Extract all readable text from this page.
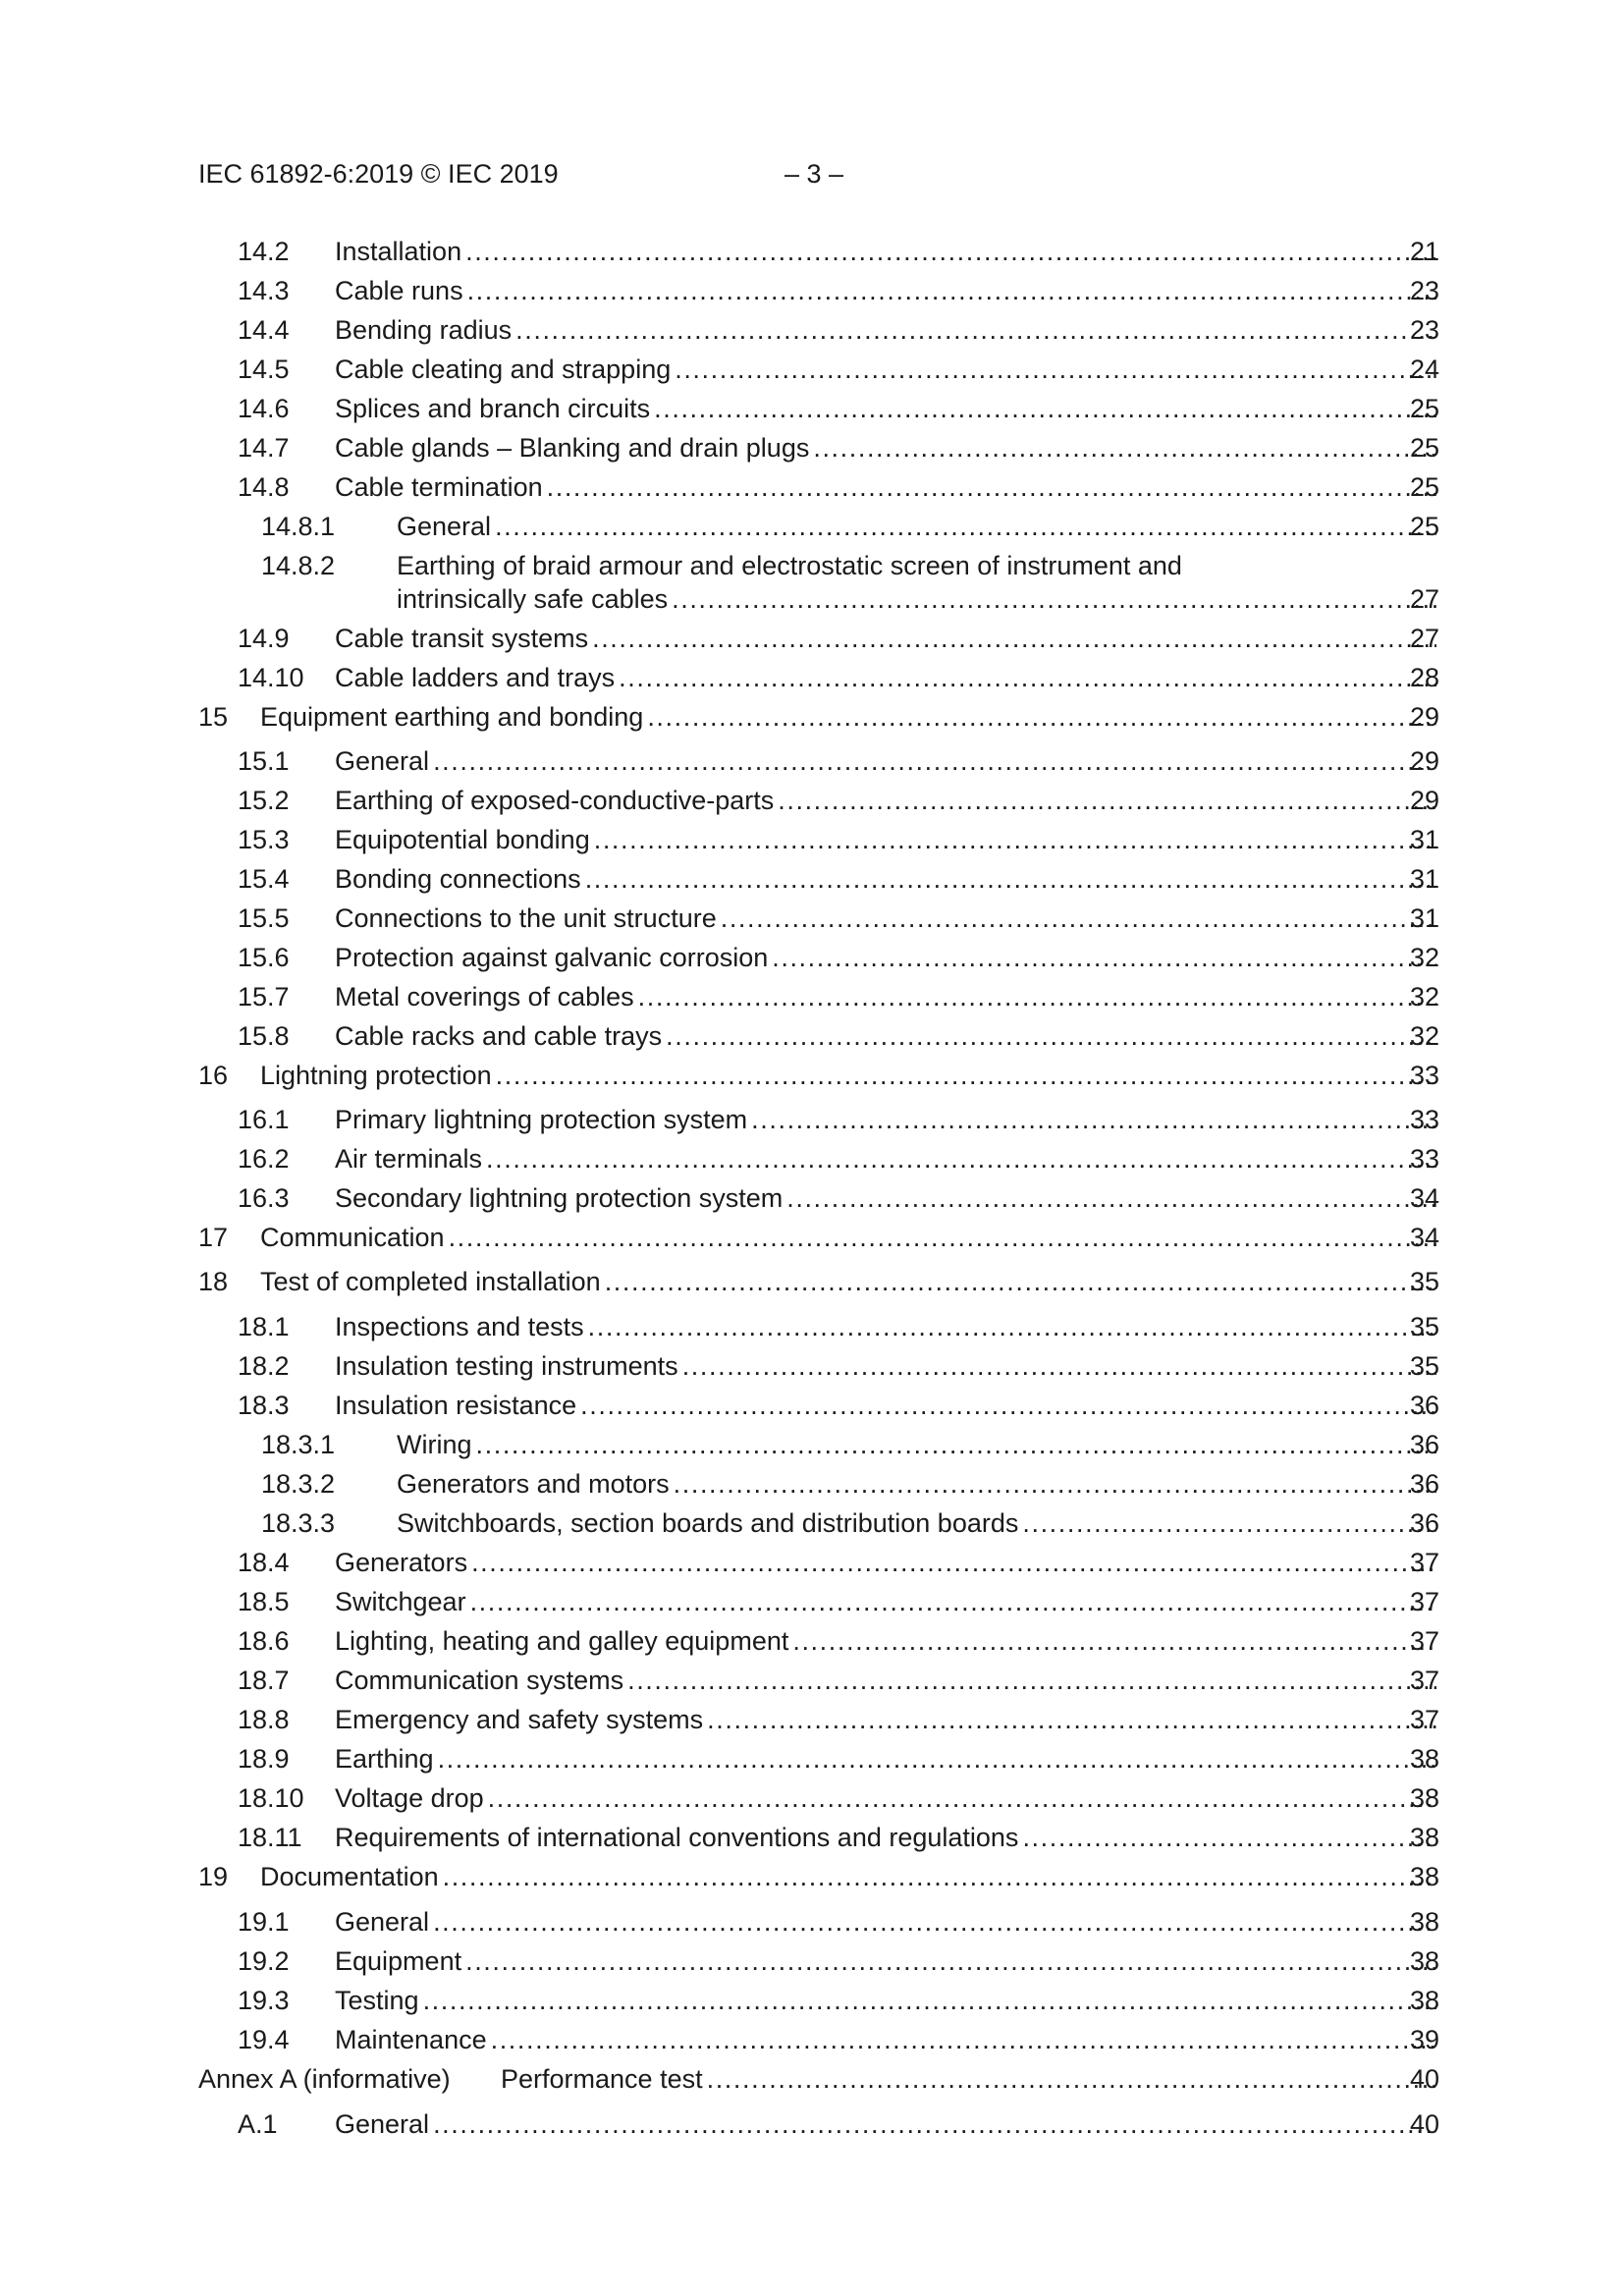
IEC 61892-6:2019 © IEC 2019	– 3 –
14.2 Installation .....	21
14.3 Cable runs .....	23
14.4 Bending radius .....	23
14.5 Cable cleating and strapping .....	24
14.6 Splices and branch circuits .....	25
14.7 Cable glands – Blanking and drain plugs .....	25
14.8 Cable termination .....	25
14.8.1 General .....	25
14.8.2 Earthing of braid armour and electrostatic screen of instrument and
intrinsically safe cables .....	27
14.9 Cable transit systems .....	27
14.10 Cable ladders and trays .....	28
15 Equipment earthing and bonding .....	29
15.1 General .....	29
15.2 Earthing of exposed-conductive-parts .....	29
15.3 Equipotential bonding .....	31
15.4 Bonding connections .....	31
15.5 Connections to the unit structure .....	31
15.6 Protection against galvanic corrosion .....	32
15.7 Metal coverings of cables .....	32
15.8 Cable racks and cable trays .....	32
16 Lightning protection .....	33
16.1 Primary lightning protection system .....	33
16.2 Air terminals .....	33
16.3 Secondary lightning protection system .....	34
17 Communication .....	34
18 Test of completed installation .....	35
18.1 Inspections and tests .....	35
18.2 Insulation testing instruments .....	35
18.3 Insulation resistance .....	36
18.3.1 Wiring .....	36
18.3.2 Generators and motors .....	36
18.3.3 Switchboards, section boards and distribution boards .....	36
18.4 Generators .....	37
18.5 Switchgear .....	37
18.6 Lighting, heating and galley equipment .....	37
18.7 Communication systems .....	37
18.8 Emergency and safety systems .....	37
18.9 Earthing .....	38
18.10 Voltage drop .....	38
18.11 Requirements of international conventions and regulations .....	38
19 Documentation .....	38
19.1 General .....	38
19.2 Equipment .....	38
19.3 Testing .....	38
19.4 Maintenance .....	39
Annex A (informative) Performance test .....	40
A.1 General .....	40
